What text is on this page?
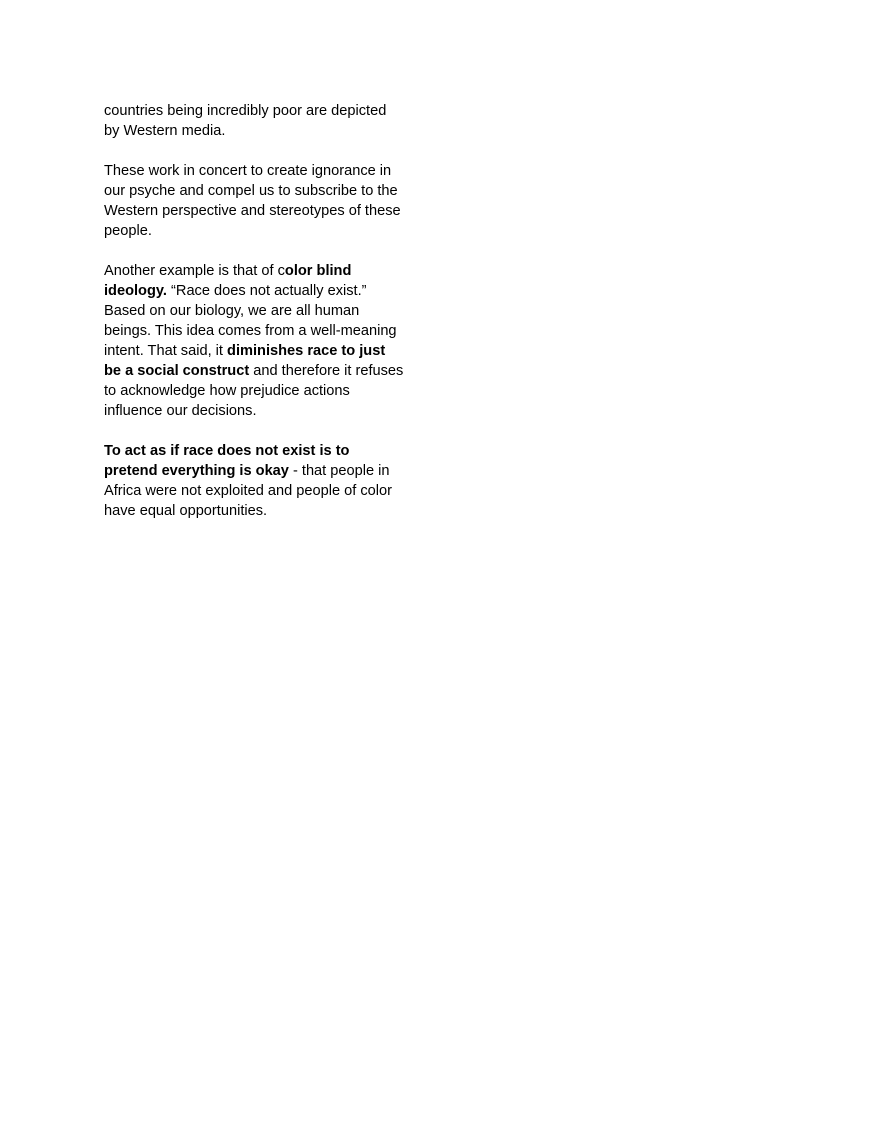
countries being incredibly poor are depicted
by Western media.

These work in concert to create ignorance in
our psyche and compel us to subscribe to the
Western perspective and stereotypes of these
people.

Another example is that of color blind
ideology. “Race does not actually exist.”
Based on our biology, we are all human
beings. This idea comes from a well-meaning
intent. That said, it diminishes race to just
be a social construct and therefore it refuses
to acknowledge how prejudice actions
influence our decisions.

To act as if race does not exist is to
pretend everything is okay - that people in
Africa were not exploited and people of color
have equal opportunities.
